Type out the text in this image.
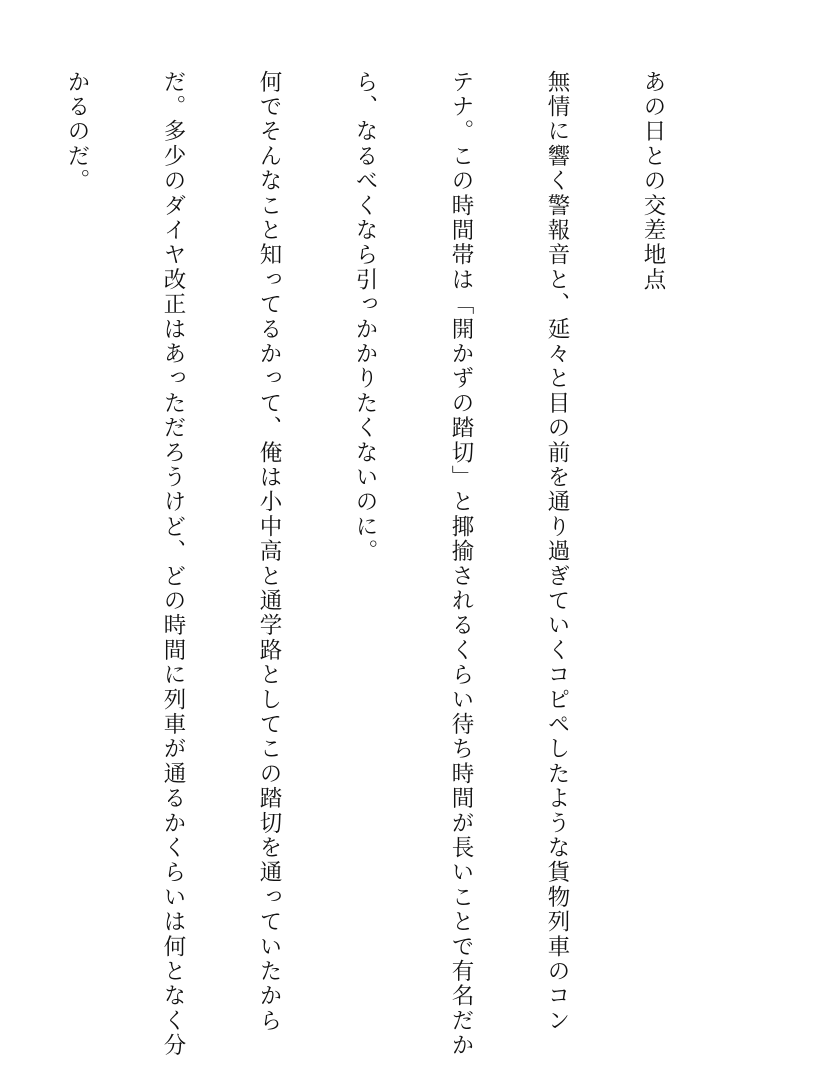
あの日との交差地点

無情に響く警報音と、延々と目の前を通り過ぎていくコピペしたような貨物列車のコン

テナ。この時間帯は「開かずの踏切」と揶揄されるくらい待ち時間が長いことで有名だか

ら、なるべくなら引っかかりたくないのに。

何でそんなこと知ってるかって、俺は小中高と通学路としてこの踏切を通っていたから

だ。多少のダイヤ改正はあっただろうけど、どの時間に列車が通るかくらいは何となく分

かるのだ。
